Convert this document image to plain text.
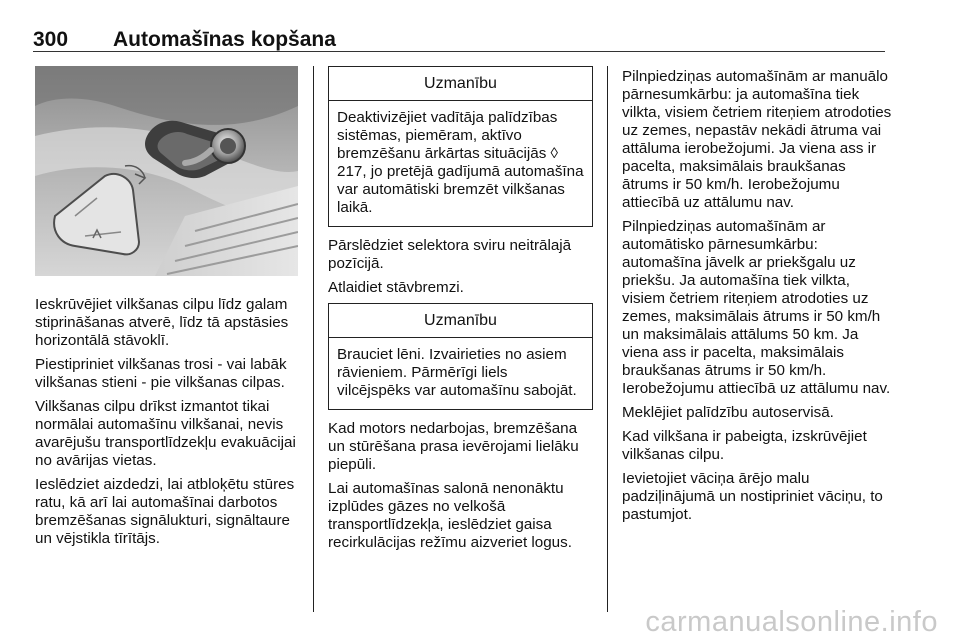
300 Automašīnas kopšana

Ieskrūvējiet vilkšanas cilpu līdz galam stiprināšanas atverē, līdz tā apstāsies horizontālā stāvoklī.

Piestipriniet vilkšanas trosi - vai labāk vilkšanas stieni - pie vilkšanas cilpas.

Vilkšanas cilpu drīkst izmantot tikai normālai automašīnu vilkšanai, nevis avarējušu transportlīdzekļu evakuācijai no avārijas vietas.

Ieslēdziet aizdedzi, lai atbloķētu stūres ratu, kā arī lai automašīnai darbotos bremzēšanas signālukturi, signāltaure un vējstikla tīrītājs.

Uzmanību
Deaktivizējiet vadītāja palīdzības sistēmas, piemēram, aktīvo bremzēšanu ārkārtas situācijās ◊ 217, jo pretējā gadījumā automašīna var automātiski bremzēt vilkšanas laikā.

Pārslēdziet selektora sviru neitrālajā pozīcijā.

Atlaidiet stāvbremzi.

Uzmanību
Brauciet lēni. Izvairieties no asiem rāvieniem. Pārmērīgi liels vilcējspēks var automašīnu sabojāt.

Kad motors nedarbojas, bremzēšana un stūrēšana prasa ievērojami lielāku piepūli.

Lai automašīnas salonā nenonāktu izplūdes gāzes no velkošā transportlīdzekļa, ieslēdziet gaisa recirkulācijas režīmu aizveriet logus.

Pilnpiedziņas automašīnām ar manuālo pārnesumkārbu: ja automašīna tiek vilkta, visiem četriem riteņiem atrodoties uz zemes, nepastāv nekādi ātruma vai attāluma ierobežojumi. Ja viena ass ir pacelta, maksimālais braukšanas ātrums ir 50 km/h. Ierobežojumu attiecībā uz attālumu nav.

Pilnpiedziņas automašīnām ar automātisko pārnesumkārbu: automašīna jāvelk ar priekšgalu uz priekšu. Ja automašīna tiek vilkta, visiem četriem riteņiem atrodoties uz zemes, maksimālais ātrums ir 50 km/h un maksimālais attālums 50 km. Ja viena ass ir pacelta, maksimālais braukšanas ātrums ir 50 km/h. Ierobežojumu attiecībā uz attālumu nav.

Meklējiet palīdzību autoservisā.

Kad vilkšana ir pabeigta, izskrūvējiet vilkšanas cilpu.

Ievietojiet vāciņa ārējo malu padziļinājumā un nostipriniet vāciņu, to pastumjot.

carmanualsonline.info
